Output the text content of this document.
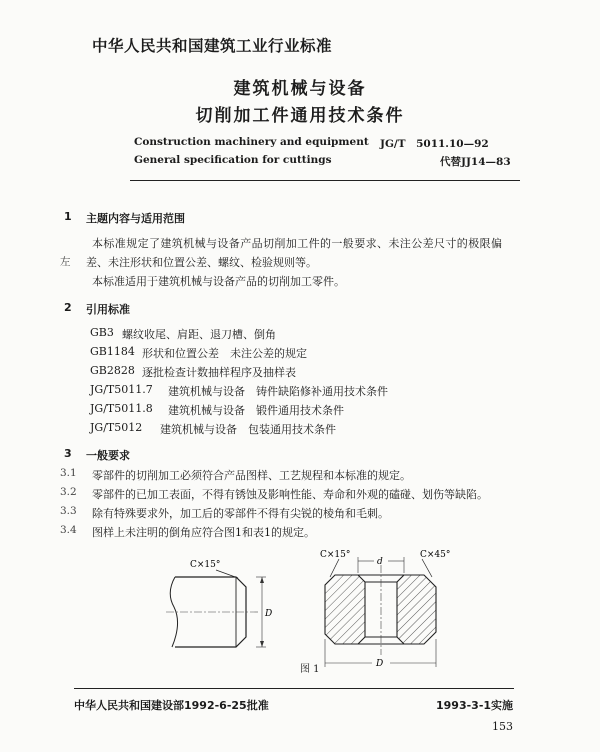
中华人民共和国建筑工业行业标准
建筑机械与设备
切削加工件通用技术条件
Construction machinery and equipment
General specification for cuttings
JG/T　5011.10—92
代替JJ14—83
1 主题内容与适用范围
本标准规定了建筑机械与设备产品切削加工件的一般要求、未注公差尺寸的极限偏
左 差、未注形状和位置公差、螺纹、检验规则等。
本标准适用于建筑机械与设备产品的切削加工零件。
2 引用标准
GB3 螺纹收尾、肩距、退刀槽、倒角
GB1184 形状和位置公差　未注公差的规定
GB2828 逐批检查计数抽样程序及抽样表
JG/T5011.7 建筑机械与设备　铸件缺陷修补通用技术条件
JG/T5011.8 建筑机械与设备　锻件通用技术条件
JG/T5012 建筑机械与设备　包装通用技术条件
3 一般要求
3.1 零部件的切削加工必须符合产品图样、工艺规程和本标准的规定。
3.2 零部件的已加工表面，不得有锈蚀及影响性能、寿命和外观的磕碰、划伤等缺陷。
3.3 除有特殊要求外，加工后的零部件不得有尖锐的棱角和毛刺。
3.4 图样上未注明的倒角应符合图1和表1的规定。
C×15°
D
C×15°
d
C×45°
D
图 1
中华人民共和国建设部1992-6-25批准	1993-3-1实施
153
